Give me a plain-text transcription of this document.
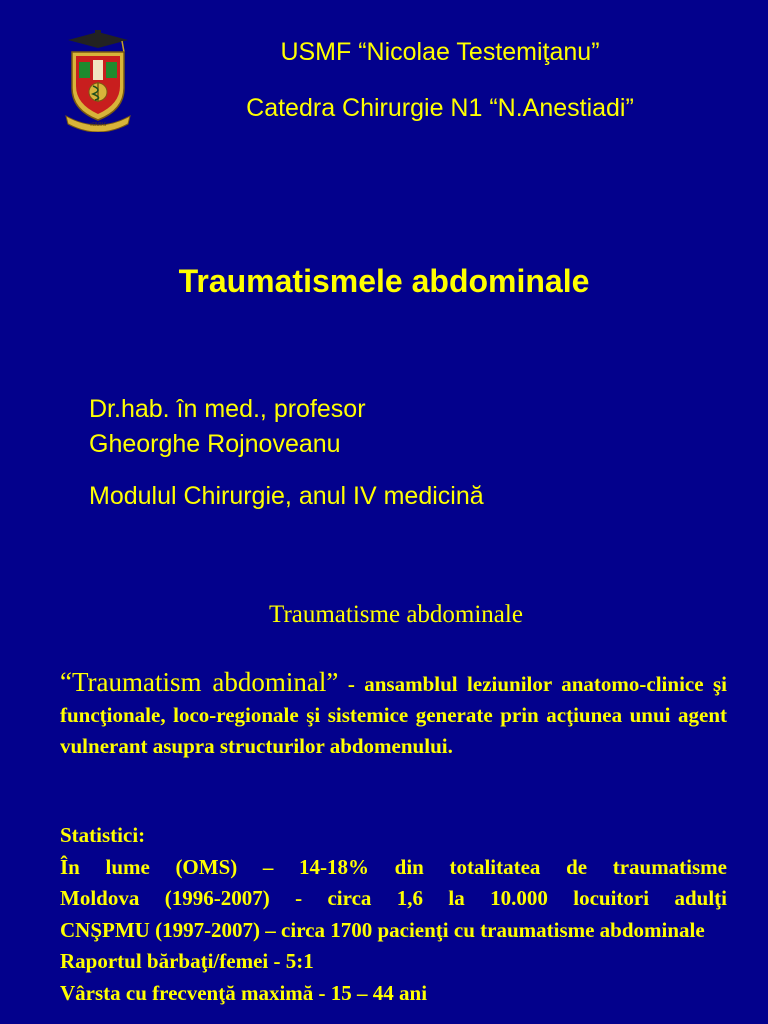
VERITAS
USMF “Nicolae Testemiţanu”
Catedra Chirurgie N1 “N.Anestiadi”
Traumatismele abdominale
Dr.hab. în med., profesor
Gheorghe Rojnoveanu
Modulul Chirurgie, anul IV medicină
Traumatisme abdominale
“Traumatism abdominal” - ansamblul leziunilor anatomo-clinice şi funcţionale, loco-regionale şi sistemice generate prin acţiunea unui agent vulnerant asupra structurilor abdomenului.
Statistici:
În lume (OMS) – 14-18% din totalitatea de traumatisme
Moldova (1996-2007) - circa 1,6 la 10.000 locuitori adulţi
CNŞPMU (1997-2007) – circa 1700 pacienţi cu traumatisme abdominale
Raportul bărbaţi/femei - 5:1
Vârsta cu frecvenţă maximă - 15 – 44 ani
